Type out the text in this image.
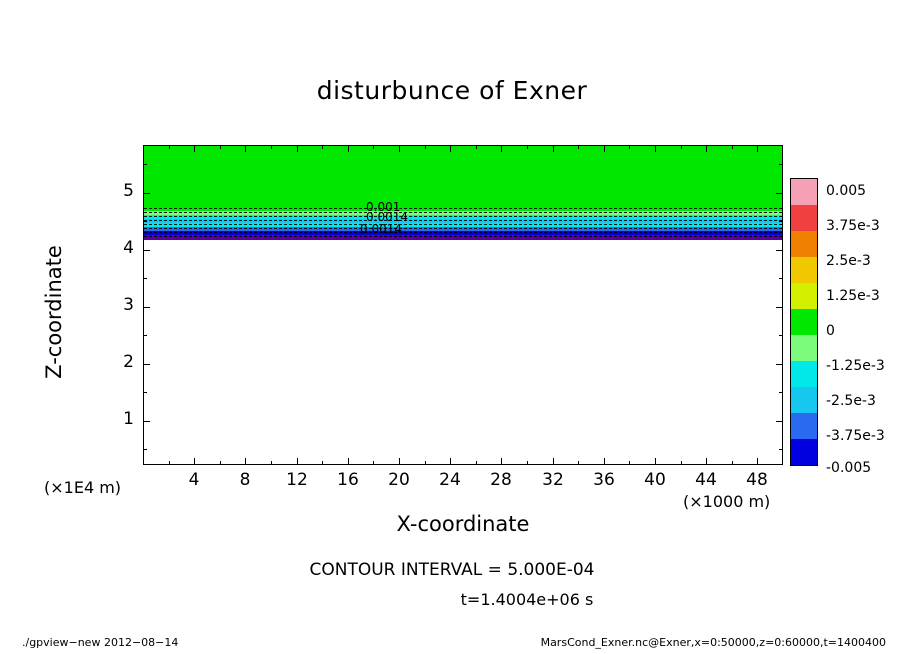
disturbunce of Exner
0.001
0.0014
0.0014
4	8	12	16	20	24	28	32	36	40	44	48
1
2
3
4
5
X-coordinate
Z-coordinate
(×1E4 m)
(×1000 m)
0.005
3.75e-3
2.5e-3
1.25e-3
0
-1.25e-3
-2.5e-3
-3.75e-3
-0.005
CONTOUR INTERVAL = 5.000E-04
t=1.4004e+06 s
./gpview−new 2012−08−14	MarsCond_Exner.nc@Exner,x=0:50000,z=0:60000,t=1400400
